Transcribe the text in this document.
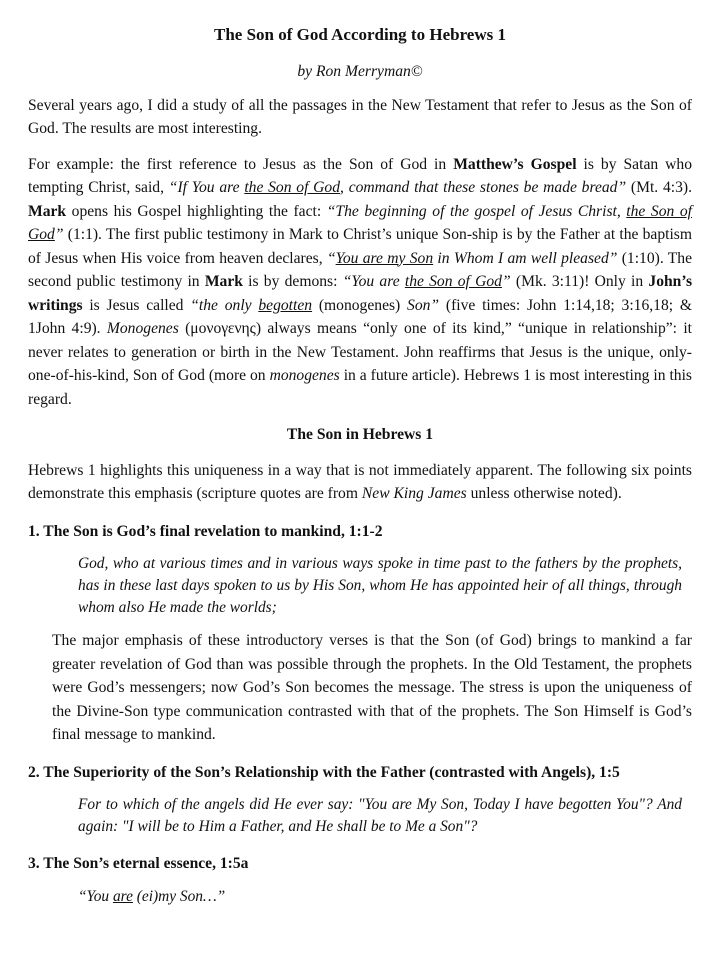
The Son of God According to Hebrews 1
by Ron Merryman©

Several years ago, I did a study of all the passages in the New Testament that refer to Jesus as the Son of God. The results are most interesting.

For example: the first reference to Jesus as the Son of God in Matthew’s Gospel is by Satan who tempting Christ, said, “If You are the Son of God, command that these stones be made bread” (Mt. 4:3). Mark opens his Gospel highlighting the fact: “The beginning of the gospel of Jesus Christ, the Son of God” (1:1). The first public testimony in Mark to Christ’s unique Son-ship is by the Father at the baptism of Jesus when His voice from heaven declares, “You are my Son in Whom I am well pleased” (1:10). The second public testimony in Mark is by demons: “You are the Son of God” (Mk. 3:11)! Only in John’s writings is Jesus called “the only begotten (monogenes) Son” (five times: John 1:14,18; 3:16,18; & 1John 4:9). Monogenes (μονογενης) always means “only one of its kind,” “unique in relationship”: it never relates to generation or birth in the New Testament. John reaffirms that Jesus is the unique, only-one-of-his-kind, Son of God (more on monogenes in a future article). Hebrews 1 is most interesting in this regard.

The Son in Hebrews 1

Hebrews 1 highlights this uniqueness in a way that is not immediately apparent. The following six points demonstrate this emphasis (scripture quotes are from New King James unless otherwise noted).

1. The Son is God’s final revelation to mankind, 1:1-2
God, who at various times and in various ways spoke in time past to the fathers by the prophets, has in these last days spoken to us by His Son, whom He has appointed heir of all things, through whom also He made the worlds;

The major emphasis of these introductory verses is that the Son (of God) brings to mankind a far greater revelation of God than was possible through the prophets. In the Old Testament, the prophets were God’s messengers; now God’s Son becomes the message. The stress is upon the uniqueness of the Divine-Son type communication contrasted with that of the prophets. The Son Himself is God’s final message to mankind.

2. The Superiority of the Son’s Relationship with the Father (contrasted with Angels), 1:5
For to which of the angels did He ever say: "You are My Son, Today I have begotten You"? And again: "I will be to Him a Father, and He shall be to Me a Son"?
3. The Son’s eternal essence, 1:5a
“You are (ei)my Son…”
